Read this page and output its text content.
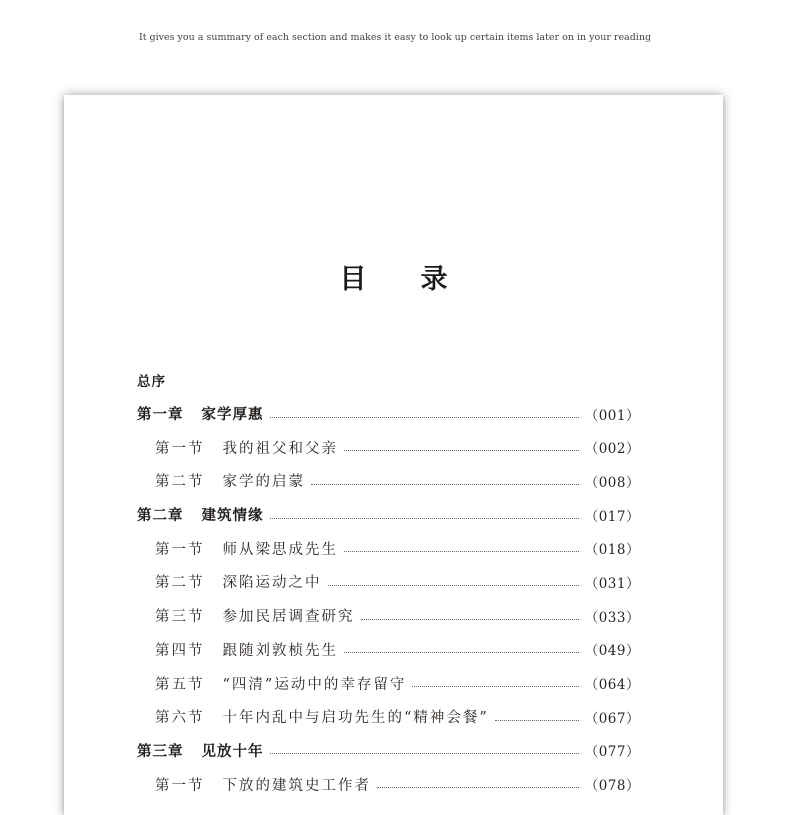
It gives you a summary of each section and makes it easy to look up certain items later on in your reading
目　　录
总序
第一章 家学厚惠	（001）
第一节 我的祖父和父亲	（002）
第二节 家学的启蒙	（008）
第二章 建筑情缘	（017）
第一节 师从梁思成先生	（018）
第二节 深陷运动之中	（031）
第三节 参加民居调查研究	（033）
第四节 跟随刘敦桢先生	（049）
第五节 “四清”运动中的幸存留守	（064）
第六节 十年内乱中与启功先生的“精神会餐”	（067）
第三章 见放十年	（077）
第一节 下放的建筑史工作者	（078）
